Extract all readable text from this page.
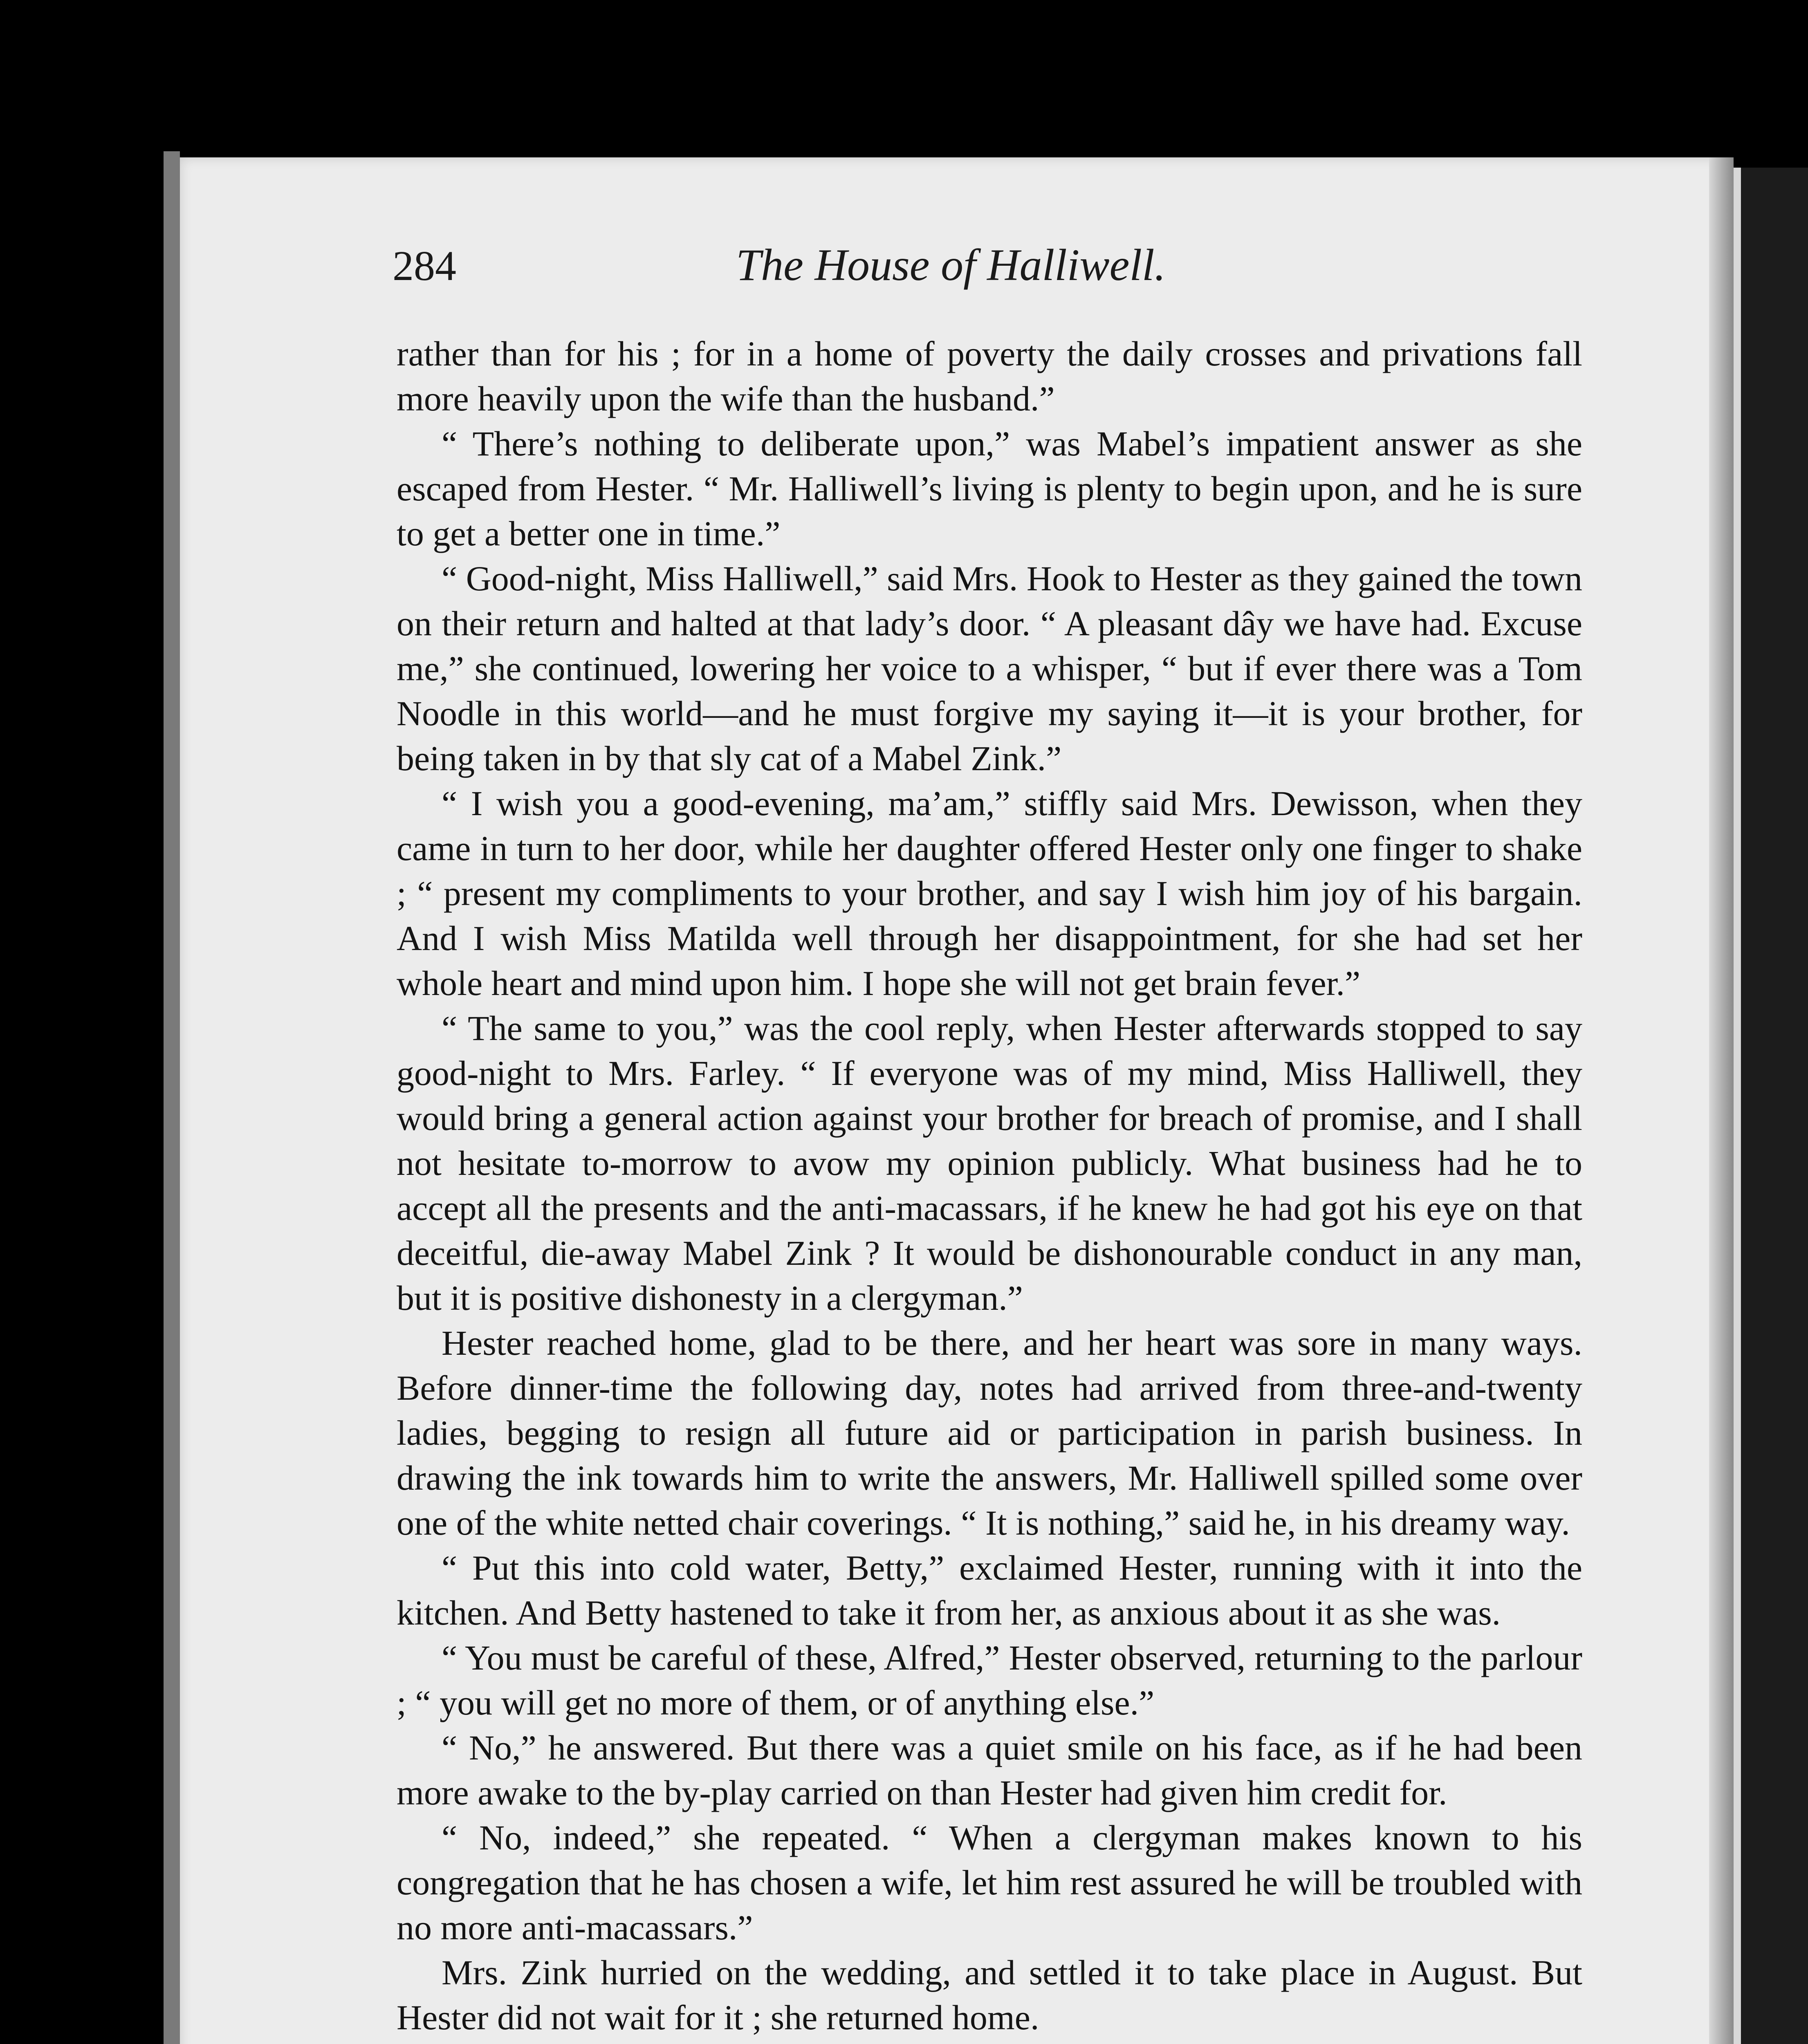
284	The House of Halliwell.

rather than for his ; for in a home of poverty the daily crosses and privations fall more heavily upon the wife than the husband.”

“ There’s nothing to deliberate upon,” was Mabel’s impatient answer as she escaped from Hester. “ Mr. Halliwell’s living is plenty to begin upon, and he is sure to get a better one in time.”

“ Good-night, Miss Halliwell,” said Mrs. Hook to Hester as they gained the town on their return and halted at that lady’s door. “ A pleasant dây we have had. Excuse me,” she continued, lowering her voice to a whisper, “ but if ever there was a Tom Noodle in this world—and he must forgive my saying it—it is your brother, for being taken in by that sly cat of a Mabel Zink.”

“ I wish you a good-evening, ma’am,” stiffly said Mrs. Dewisson, when they came in turn to her door, while her daughter offered Hester only one finger to shake ; “ present my compliments to your brother, and say I wish him joy of his bargain. And I wish Miss Matilda well through her disappointment, for she had set her whole heart and mind upon him. I hope she will not get brain fever.”

“ The same to you,” was the cool reply, when Hester afterwards stopped to say good-night to Mrs. Farley. “ If everyone was of my mind, Miss Halliwell, they would bring a general action against your brother for breach of promise, and I shall not hesitate to-morrow to avow my opinion publicly. What business had he to accept all the presents and the anti-macassars, if he knew he had got his eye on that deceitful, die-away Mabel Zink ? It would be dishonourable conduct in any man, but it is positive dishonesty in a clergyman.”

Hester reached home, glad to be there, and her heart was sore in many ways. Before dinner-time the following day, notes had arrived from three-and-twenty ladies, begging to resign all future aid or participation in parish business. In drawing the ink towards him to write the answers, Mr. Halliwell spilled some over one of the white netted chair coverings. “ It is nothing,” said he, in his dreamy way.

“ Put this into cold water, Betty,” exclaimed Hester, running with it into the kitchen. And Betty hastened to take it from her, as anxious about it as she was.

“ You must be careful of these, Alfred,” Hester observed, returning to the parlour ; “ you will get no more of them, or of anything else.”

“ No,” he answered. But there was a quiet smile on his face, as if he had been more awake to the by-play carried on than Hester had given him credit for.

“ No, indeed,” she repeated. “ When a clergyman makes known to his congregation that he has chosen a wife, let him rest assured he will be troubled with no more anti-macassars.”

Mrs. Zink hurried on the wedding, and settled it to take place in August. But Hester did not wait for it ; she returned home.
